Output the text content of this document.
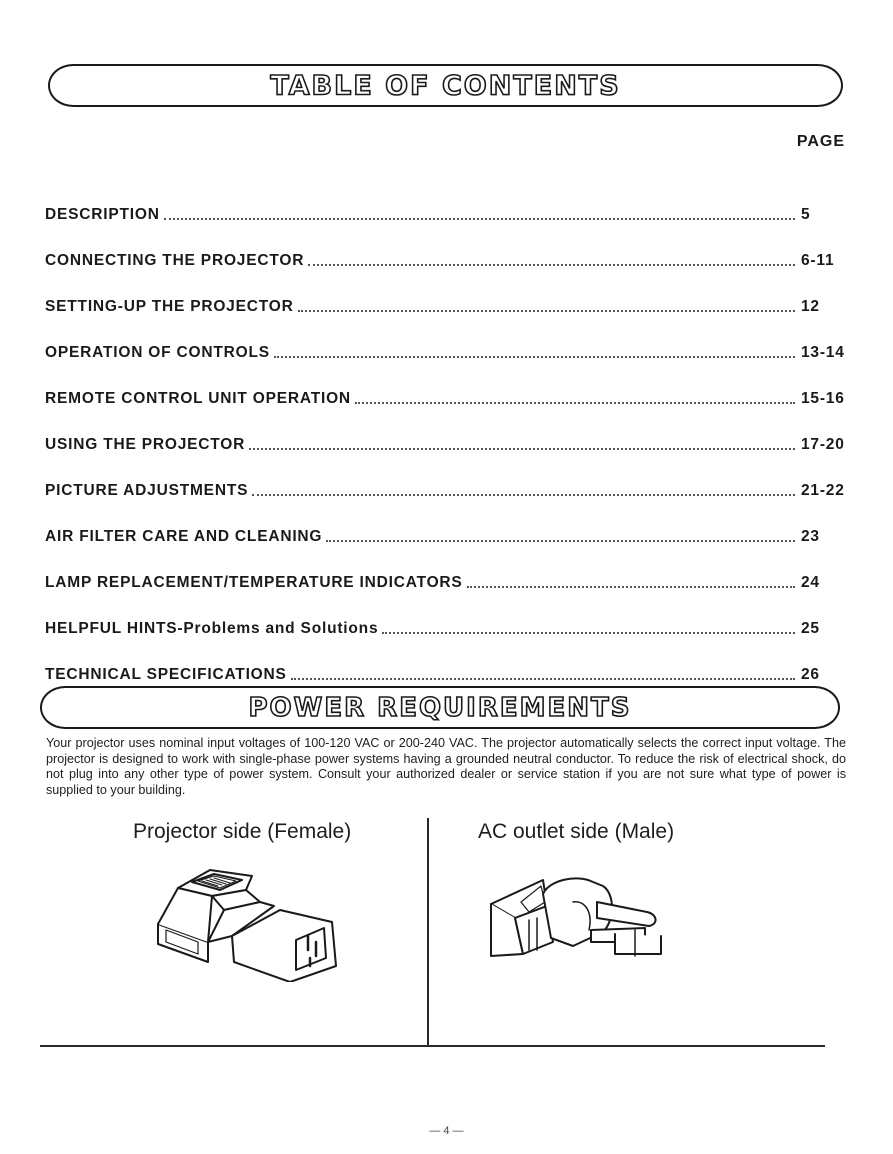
TABLE OF CONTENTS
PAGE
DESCRIPTION	5
CONNECTING THE PROJECTOR	6-11
SETTING-UP THE PROJECTOR	12
OPERATION OF CONTROLS	13-14
REMOTE CONTROL UNIT OPERATION	15-16
USING THE PROJECTOR	17-20
PICTURE ADJUSTMENTS	21-22
AIR FILTER CARE AND CLEANING	23
LAMP REPLACEMENT/TEMPERATURE INDICATORS	24
HELPFUL HINTS-Problems and Solutions	25
TECHNICAL SPECIFICATIONS	26
POWER REQUIREMENTS

Your projector uses nominal input voltages of 100-120 VAC or 200-240 VAC. The projector automatically selects the correct input voltage. The projector is designed to work with single-phase power systems having a grounded neutral conductor. To reduce the risk of electrical shock, do not plug into any other type of power system. Consult your authorized dealer or service station if you are not sure what type of power is supplied to your building.

Projector side (Female)	AC outlet side (Male)
— 4 —
